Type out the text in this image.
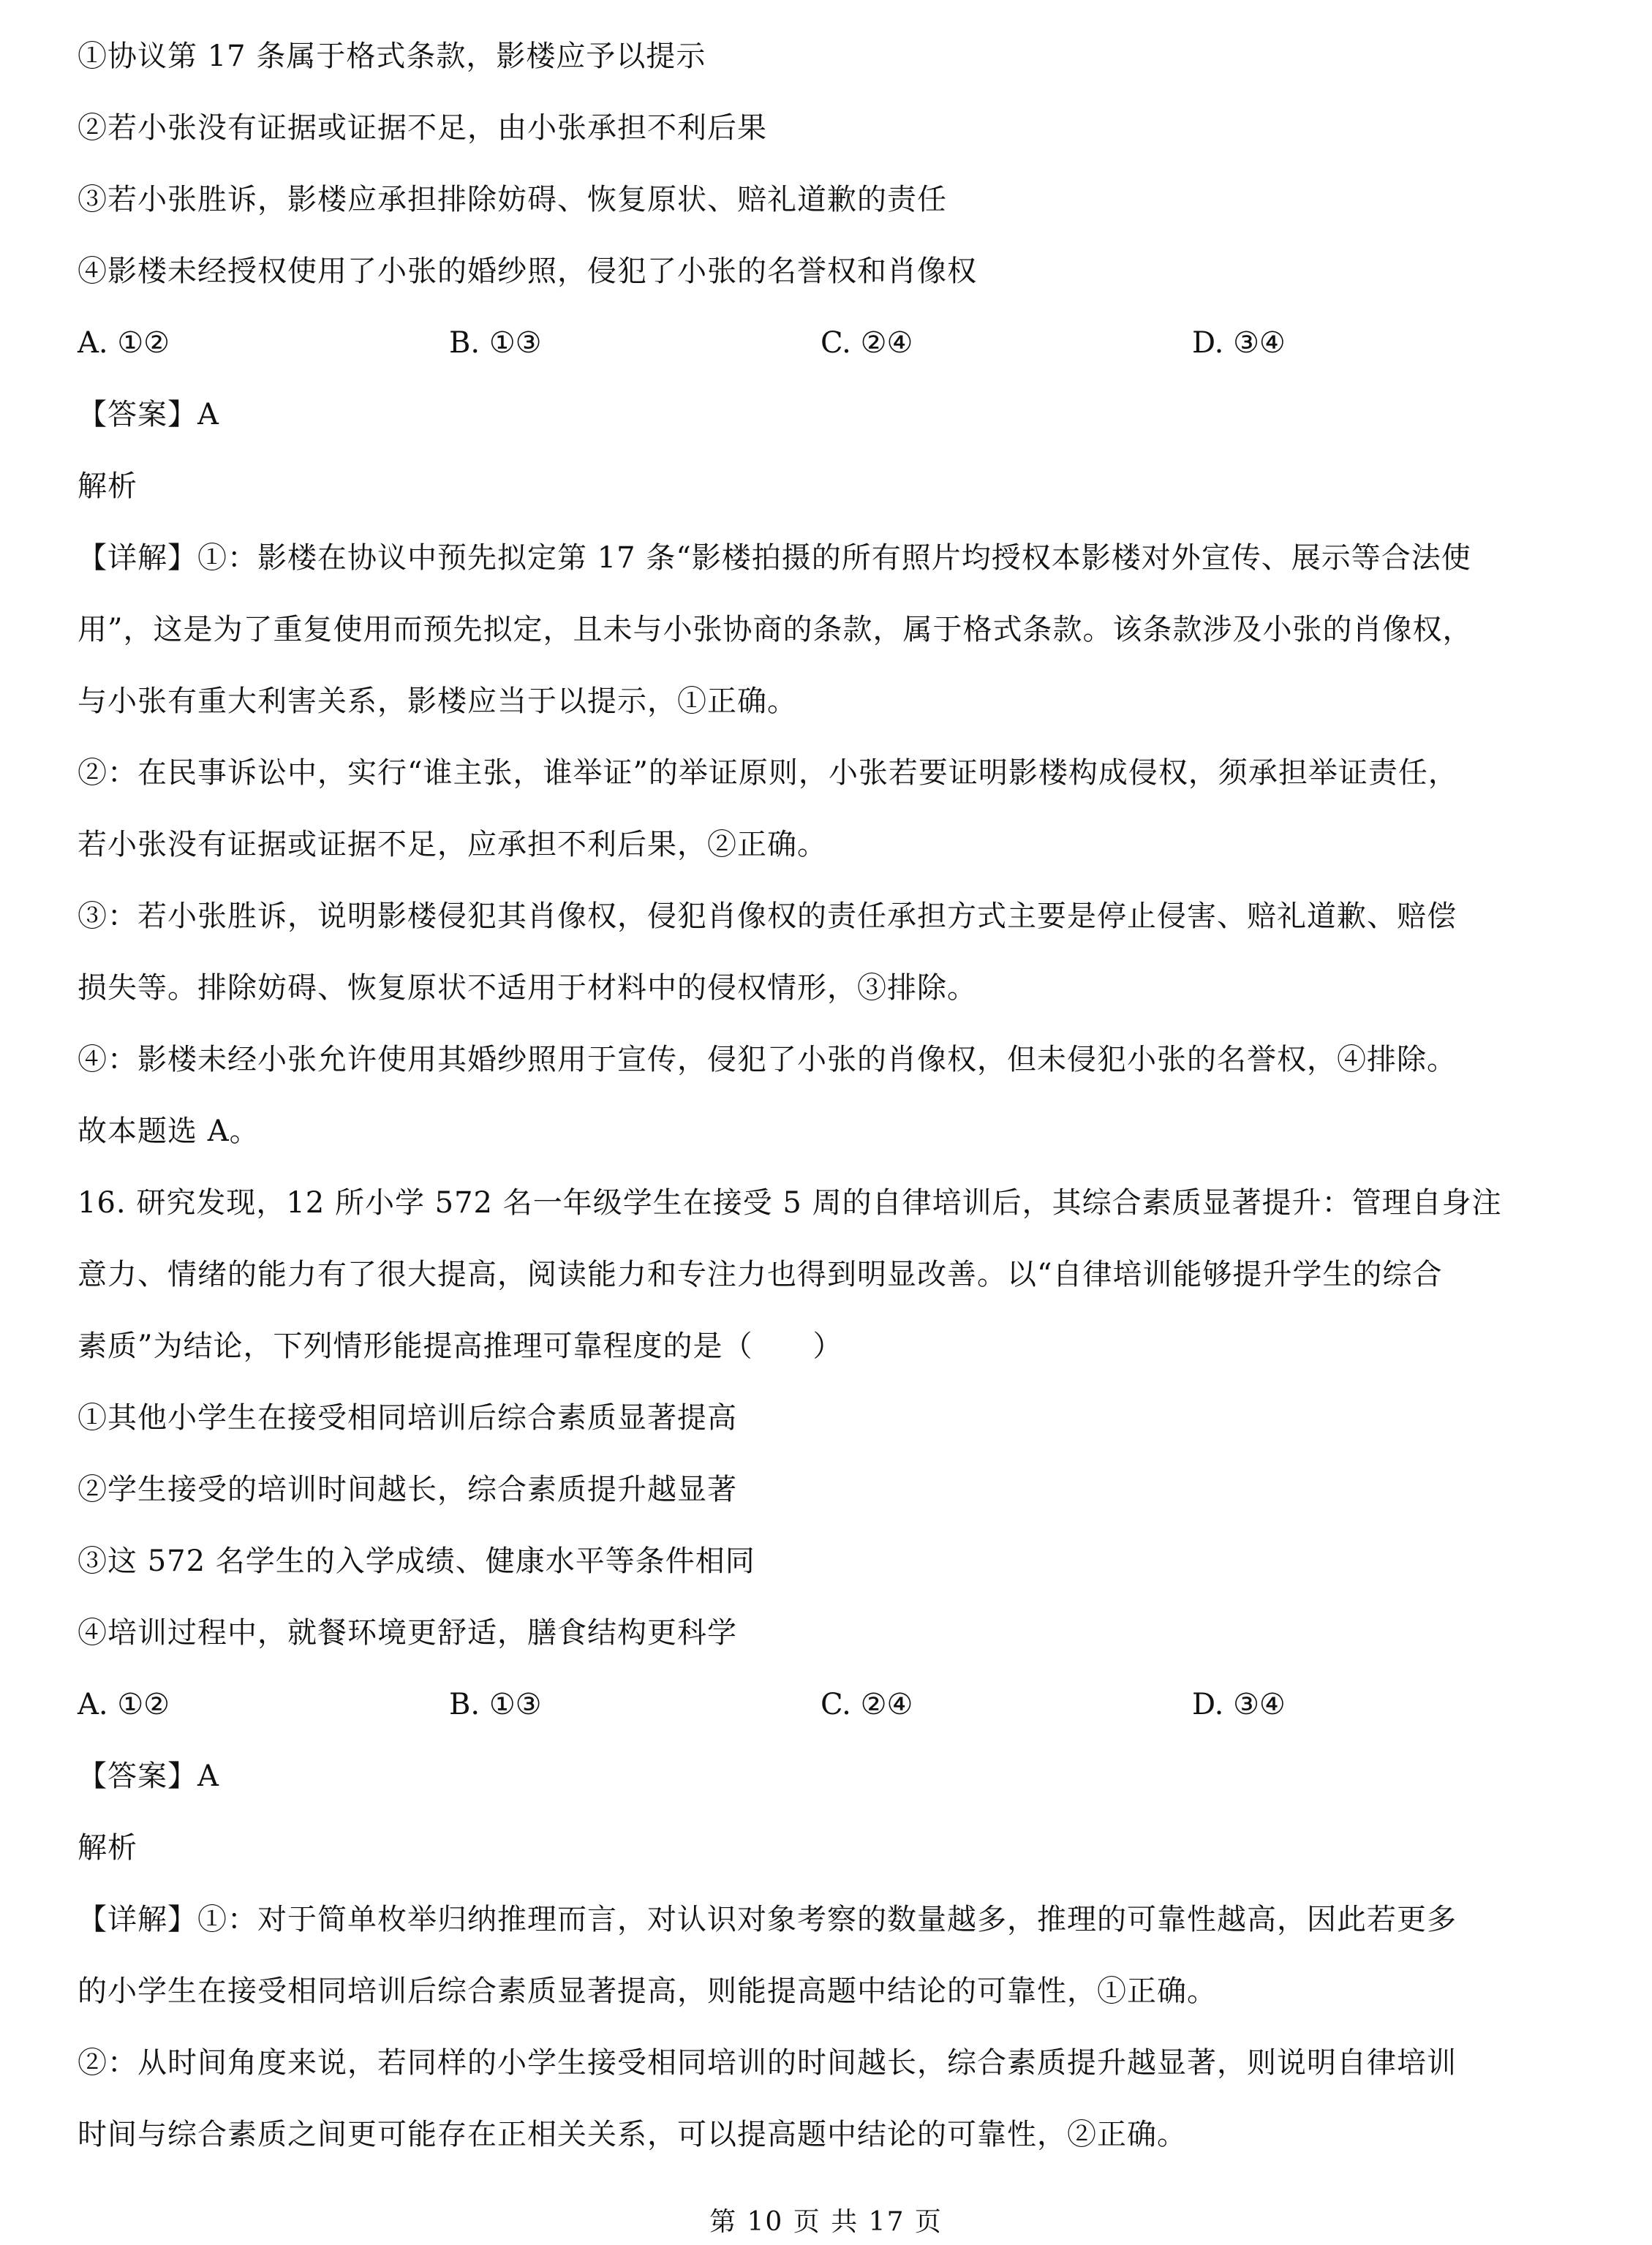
①协议第 17 条属于格式条款，影楼应予以提示
②若小张没有证据或证据不足，由小张承担不利后果
③若小张胜诉，影楼应承担排除妨碍、恢复原状、赔礼道歉的责任
④影楼未经授权使用了小张的婚纱照，侵犯了小张的名誉权和肖像权
A. ①②	B. ①③	C. ②④	D. ③④
【答案】A
解析
【详解】①：影楼在协议中预先拟定第 17 条“影楼拍摄的所有照片均授权本影楼对外宣传、展示等合法使
用”，这是为了重复使用而预先拟定，且未与小张协商的条款，属于格式条款。该条款涉及小张的肖像权，
与小张有重大利害关系，影楼应当于以提示，①正确。
②：在民事诉讼中，实行“谁主张，谁举证”的举证原则，小张若要证明影楼构成侵权，须承担举证责任，
若小张没有证据或证据不足，应承担不利后果，②正确。
③：若小张胜诉，说明影楼侵犯其肖像权，侵犯肖像权的责任承担方式主要是停止侵害、赔礼道歉、赔偿
损失等。排除妨碍、恢复原状不适用于材料中的侵权情形，③排除。
④：影楼未经小张允许使用其婚纱照用于宣传，侵犯了小张的肖像权，但未侵犯小张的名誉权，④排除。
故本题选 A。
16. 研究发现，12 所小学 572 名一年级学生在接受 5 周的自律培训后，其综合素质显著提升：管理自身注
意力、情绪的能力有了很大提高，阅读能力和专注力也得到明显改善。以“自律培训能够提升学生的综合
素质”为结论，下列情形能提高推理可靠程度的是（　　）
①其他小学生在接受相同培训后综合素质显著提高
②学生接受的培训时间越长，综合素质提升越显著
③这 572 名学生的入学成绩、健康水平等条件相同
④培训过程中，就餐环境更舒适，膳食结构更科学
A. ①②	B. ①③	C. ②④	D. ③④
【答案】A
解析
【详解】①：对于简单枚举归纳推理而言，对认识对象考察的数量越多，推理的可靠性越高，因此若更多
的小学生在接受相同培训后综合素质显著提高，则能提高题中结论的可靠性，①正确。
②：从时间角度来说，若同样的小学生接受相同培训的时间越长，综合素质提升越显著，则说明自律培训
时间与综合素质之间更可能存在正相关关系，可以提高题中结论的可靠性，②正确。
第 10 页 共 17 页
